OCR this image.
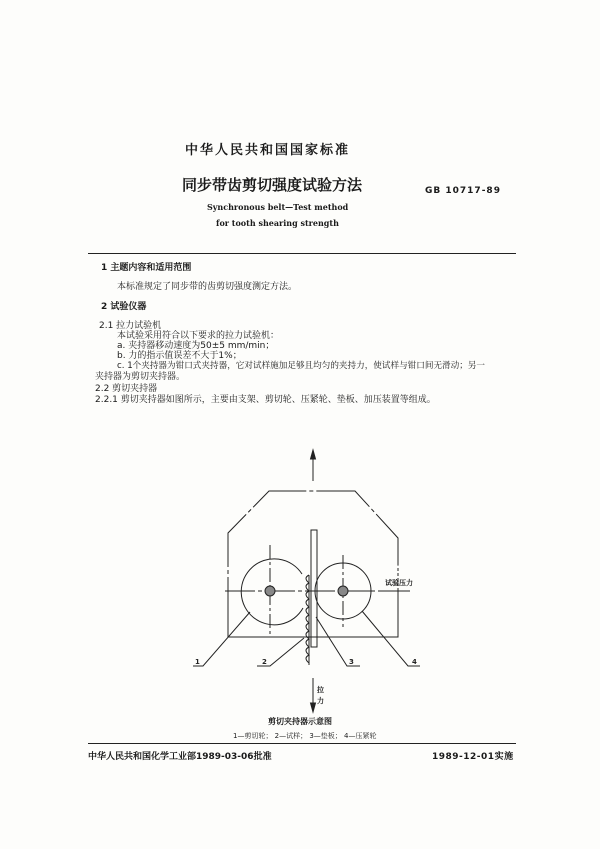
中华人民共和国国家标准
同步带齿剪切强度试验方法	GB 10717-89
Synchronous belt—Test method
for tooth shearing strength
1 主题内容和适用范围
本标准规定了同步带的齿剪切强度测定方法。
2 试验仪器
2.1 拉力试验机
本试验采用符合以下要求的拉力试验机：
a. 夹持器移动速度为50±5 mm/min；
b. 力的指示值误差不大于1%；
c. 1个夹持器为钳口式夹持器，它对试样施加足够且均匀的夹持力，使试样与钳口间无滑动；另一
夹持器为剪切夹持器。
2.2 剪切夹持器
2.2.1 剪切夹持器如图所示，主要由支架、剪切轮、压紧轮、垫板、加压装置等组成。
试验压力
1	2	3	4
拉
力
剪切夹持器示意图
1—剪切轮； 2—试样； 3—垫板； 4—压紧轮
中华人民共和国化学工业部1989-03-06批准	1989-12-01实施
